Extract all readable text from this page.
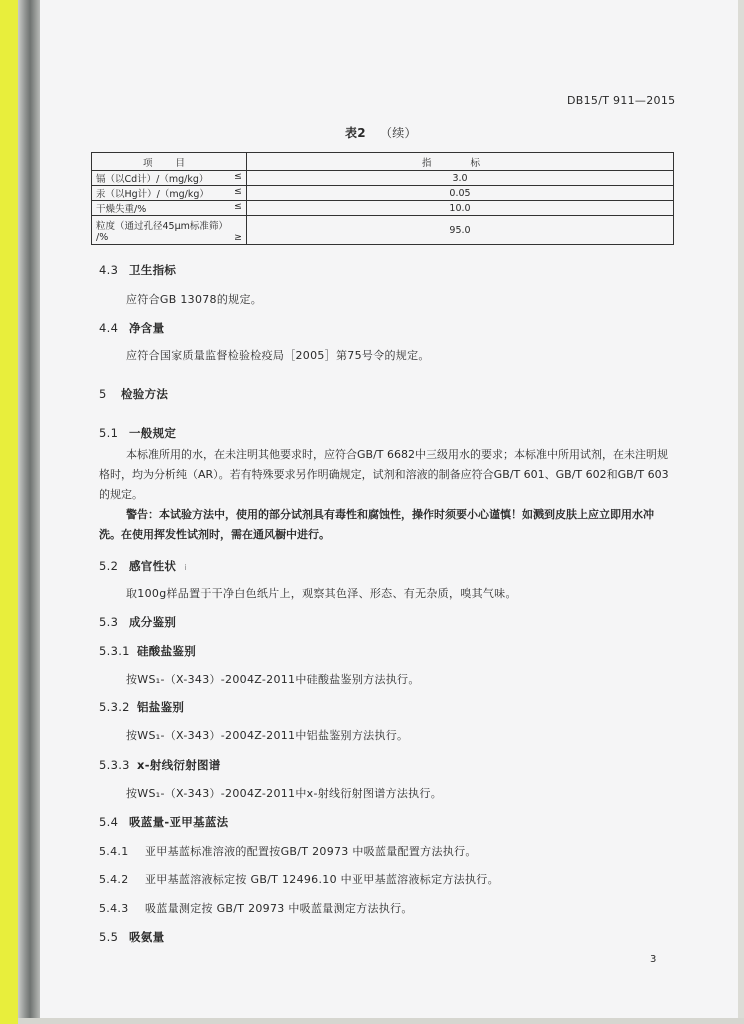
DB15/T 911—2015
表2 （续）
项 目	指 标

镉（以Cd计）/（mg/kg） ≤	3.0

汞（以Hg计）/（mg/kg） ≤	0.05

干燥失重/% ≤	10.0

粒度（通过孔径45μm标准筛）
/% ≥	95.0
4.3 卫生指标
应符合GB 13078的规定。
4.4 净含量
应符合国家质量监督检验检疫局［2005］第75号令的规定。
5 检验方法
5.1 一般规定
本标准所用的水，在未注明其他要求时，应符合GB/T 6682中三级用水的要求；本标准中所用试剂，在未注明规格时，均为分析纯（AR）。若有特殊要求另作明确规定，试剂和溶液的制备应符合GB/T 601、GB/T 602和GB/T 603的规定。
警告：本试验方法中，使用的部分试剂具有毒性和腐蚀性，操作时须要小心谨慎！如溅到皮肤上应立即用水冲洗。在使用挥发性试剂时，需在通风橱中进行。
5.2 感官性状 i
取100g样品置于干净白色纸片上，观察其色泽、形态、有无杂质，嗅其气味。
5.3 成分鉴别
5.3.1 硅酸盐鉴别
按WS₁-（X-343）-2004Z-2011中硅酸盐鉴别方法执行。
5.3.2 铝盐鉴别
按WS₁-（X-343）-2004Z-2011中铝盐鉴别方法执行。
5.3.3 x-射线衍射图谱
按WS₁-（X-343）-2004Z-2011中x-射线衍射图谱方法执行。
5.4 吸蓝量-亚甲基蓝法
5.4.1 亚甲基蓝标准溶液的配置按GB/T 20973 中吸蓝量配置方法执行。
5.4.2 亚甲基蓝溶液标定按 GB/T 12496.10 中亚甲基蓝溶液标定方法执行。
5.4.3 吸蓝量测定按 GB/T 20973 中吸蓝量测定方法执行。
5.5 吸氨量
3
